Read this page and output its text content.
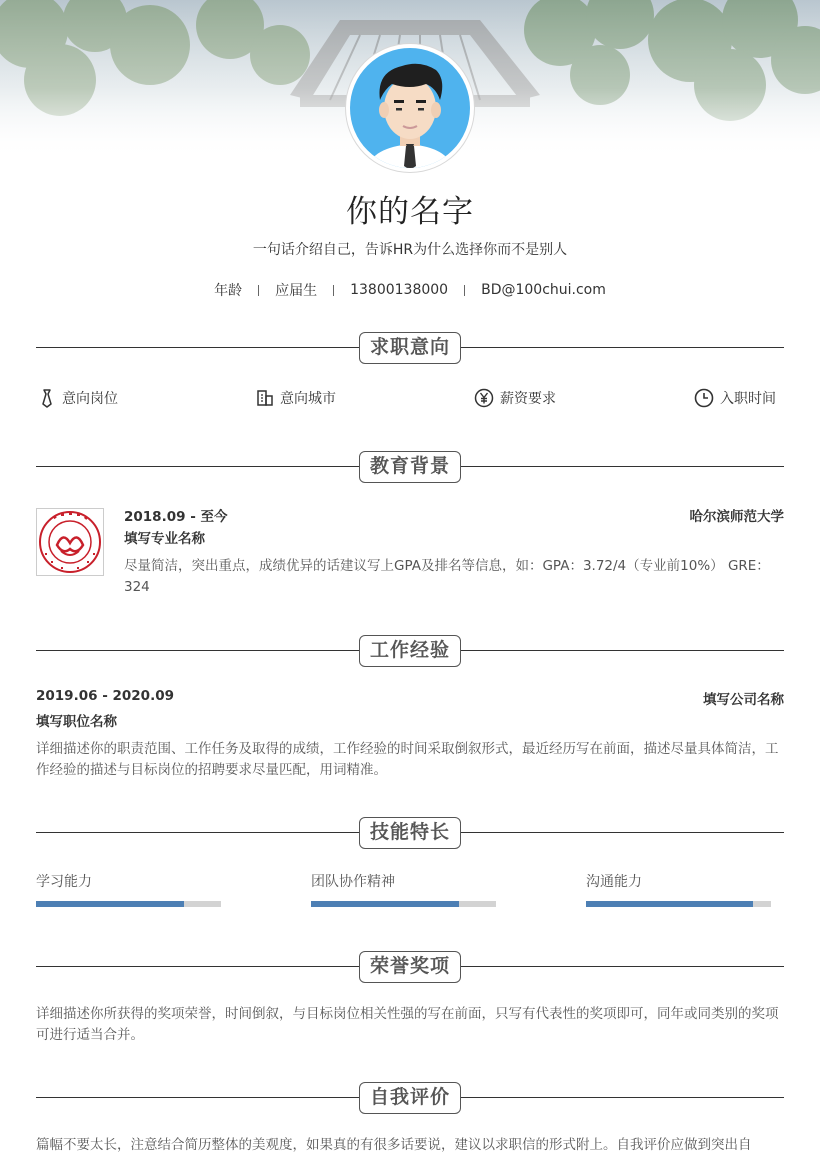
你的名字
一句话介绍自己，告诉HR为什么选择你而不是别人
年龄 应届生 13800138000 BD@100chui.com
求职意向
意向岗位	意向城市	薪资要求	入职时间
教育背景
2018.09 - 至今	哈尔滨师范大学
填写专业名称
尽量简洁，突出重点，成绩优异的话建议写上GPA及排名等信息，如：GPA：3.72/4（专业前10%） GRE：324
工作经验
2019.06 - 2020.09	填写公司名称
填写职位名称
详细描述你的职责范围、工作任务及取得的成绩，工作经验的时间采取倒叙形式，最近经历写在前面，描述尽量具体简洁，工作经验的描述与目标岗位的招聘要求尽量匹配，用词精准。
技能特长
学习能力	团队协作精神	沟通能力
荣誉奖项
详细描述你所获得的奖项荣誉，时间倒叙，与目标岗位相关性强的写在前面，只写有代表性的奖项即可，同年或同类别的奖项可进行适当合并。
自我评价
篇幅不要太长，注意结合简历整体的美观度，如果真的有很多话要说，建议以求职信的形式附上。自我评价应做到突出自
